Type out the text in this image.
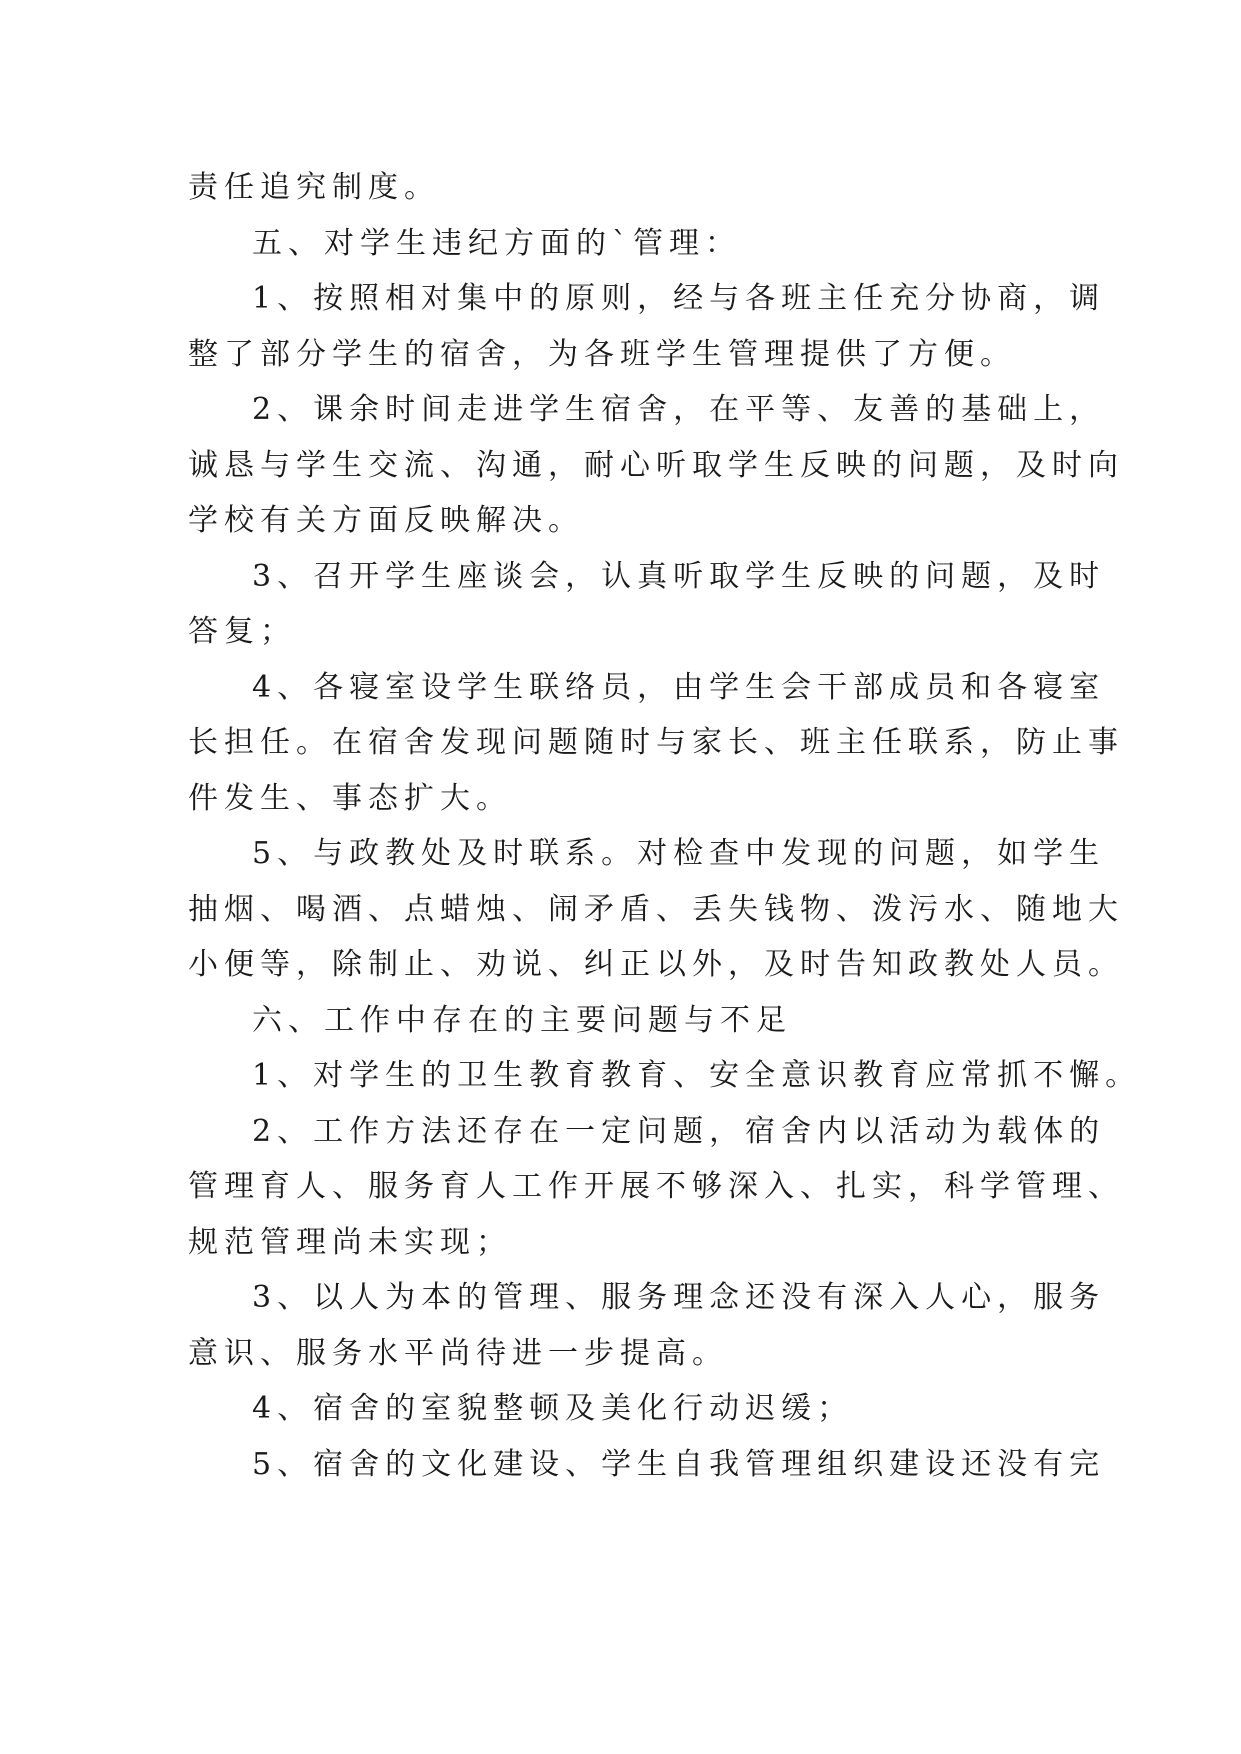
责任追究制度。
五、对学生违纪方面的`管理：
1、按照相对集中的原则，经与各班主任充分协商，调
整了部分学生的宿舍，为各班学生管理提供了方便。
2、课余时间走进学生宿舍，在平等、友善的基础上，
诚恳与学生交流、沟通，耐心听取学生反映的问题，及时向
学校有关方面反映解决。
3、召开学生座谈会，认真听取学生反映的问题，及时
答复；
4、各寝室设学生联络员，由学生会干部成员和各寝室
长担任。在宿舍发现问题随时与家长、班主任联系，防止事
件发生、事态扩大。
5、与政教处及时联系。对检查中发现的问题，如学生
抽烟、喝酒、点蜡烛、闹矛盾、丢失钱物、泼污水、随地大
小便等，除制止、劝说、纠正以外，及时告知政教处人员。
六、工作中存在的主要问题与不足
1、对学生的卫生教育教育、安全意识教育应常抓不懈。
2、工作方法还存在一定问题，宿舍内以活动为载体的
管理育人、服务育人工作开展不够深入、扎实，科学管理、
规范管理尚未实现；
3、以人为本的管理、服务理念还没有深入人心，服务
意识、服务水平尚待进一步提高。
4、宿舍的室貌整顿及美化行动迟缓；
5、宿舍的文化建设、学生自我管理组织建设还没有完
